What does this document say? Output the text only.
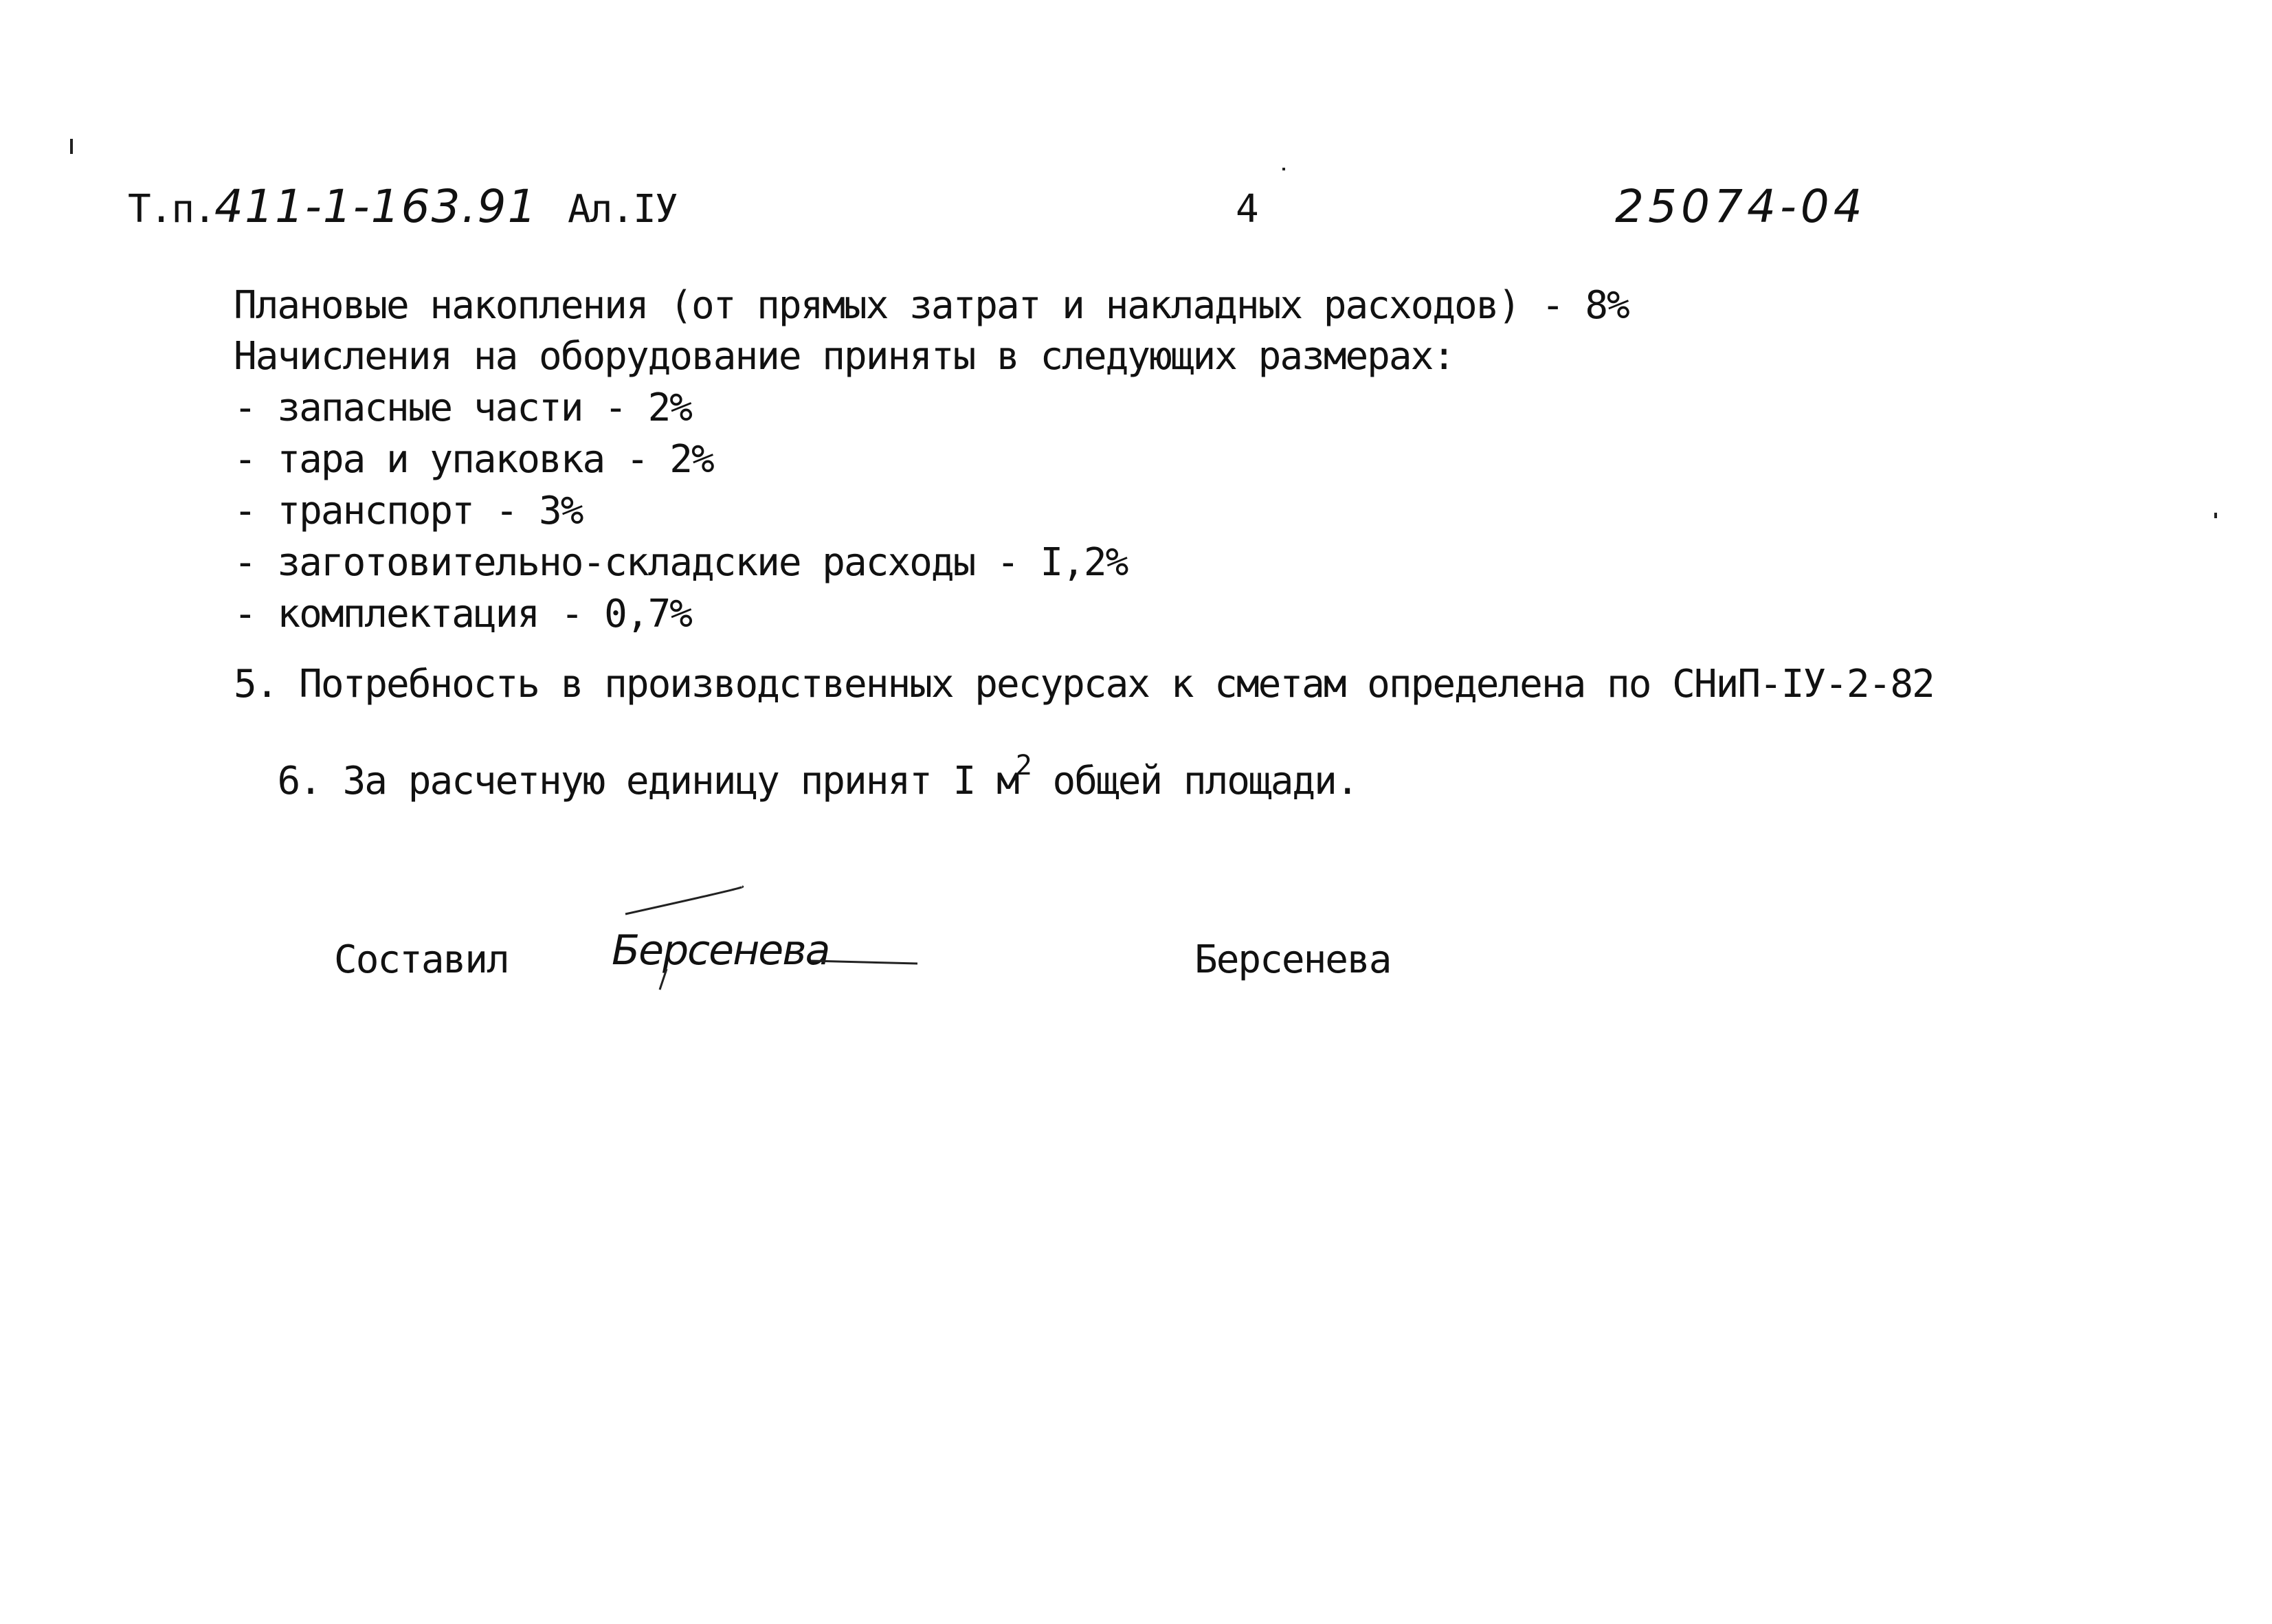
Т.п. 411-1-163.91 Ал.IУ	4	25074-04
Плановые накопления (от прямых затрат и накладных расходов) - 8%
Начисления на оборудование приняты в следующих размерах:
- запасные части - 2%
- тара и упаковка - 2%
- транспорт - 3%
- заготовительно-складские расходы - I,2%
- комплектация - 0,7%
5. Потребность в производственных ресурсах к сметам определена по СНиП-IУ-2-82

6. За расчетную единицу принят I $м^2$ общей площади.

Составил	Берсенева	Берсенева
